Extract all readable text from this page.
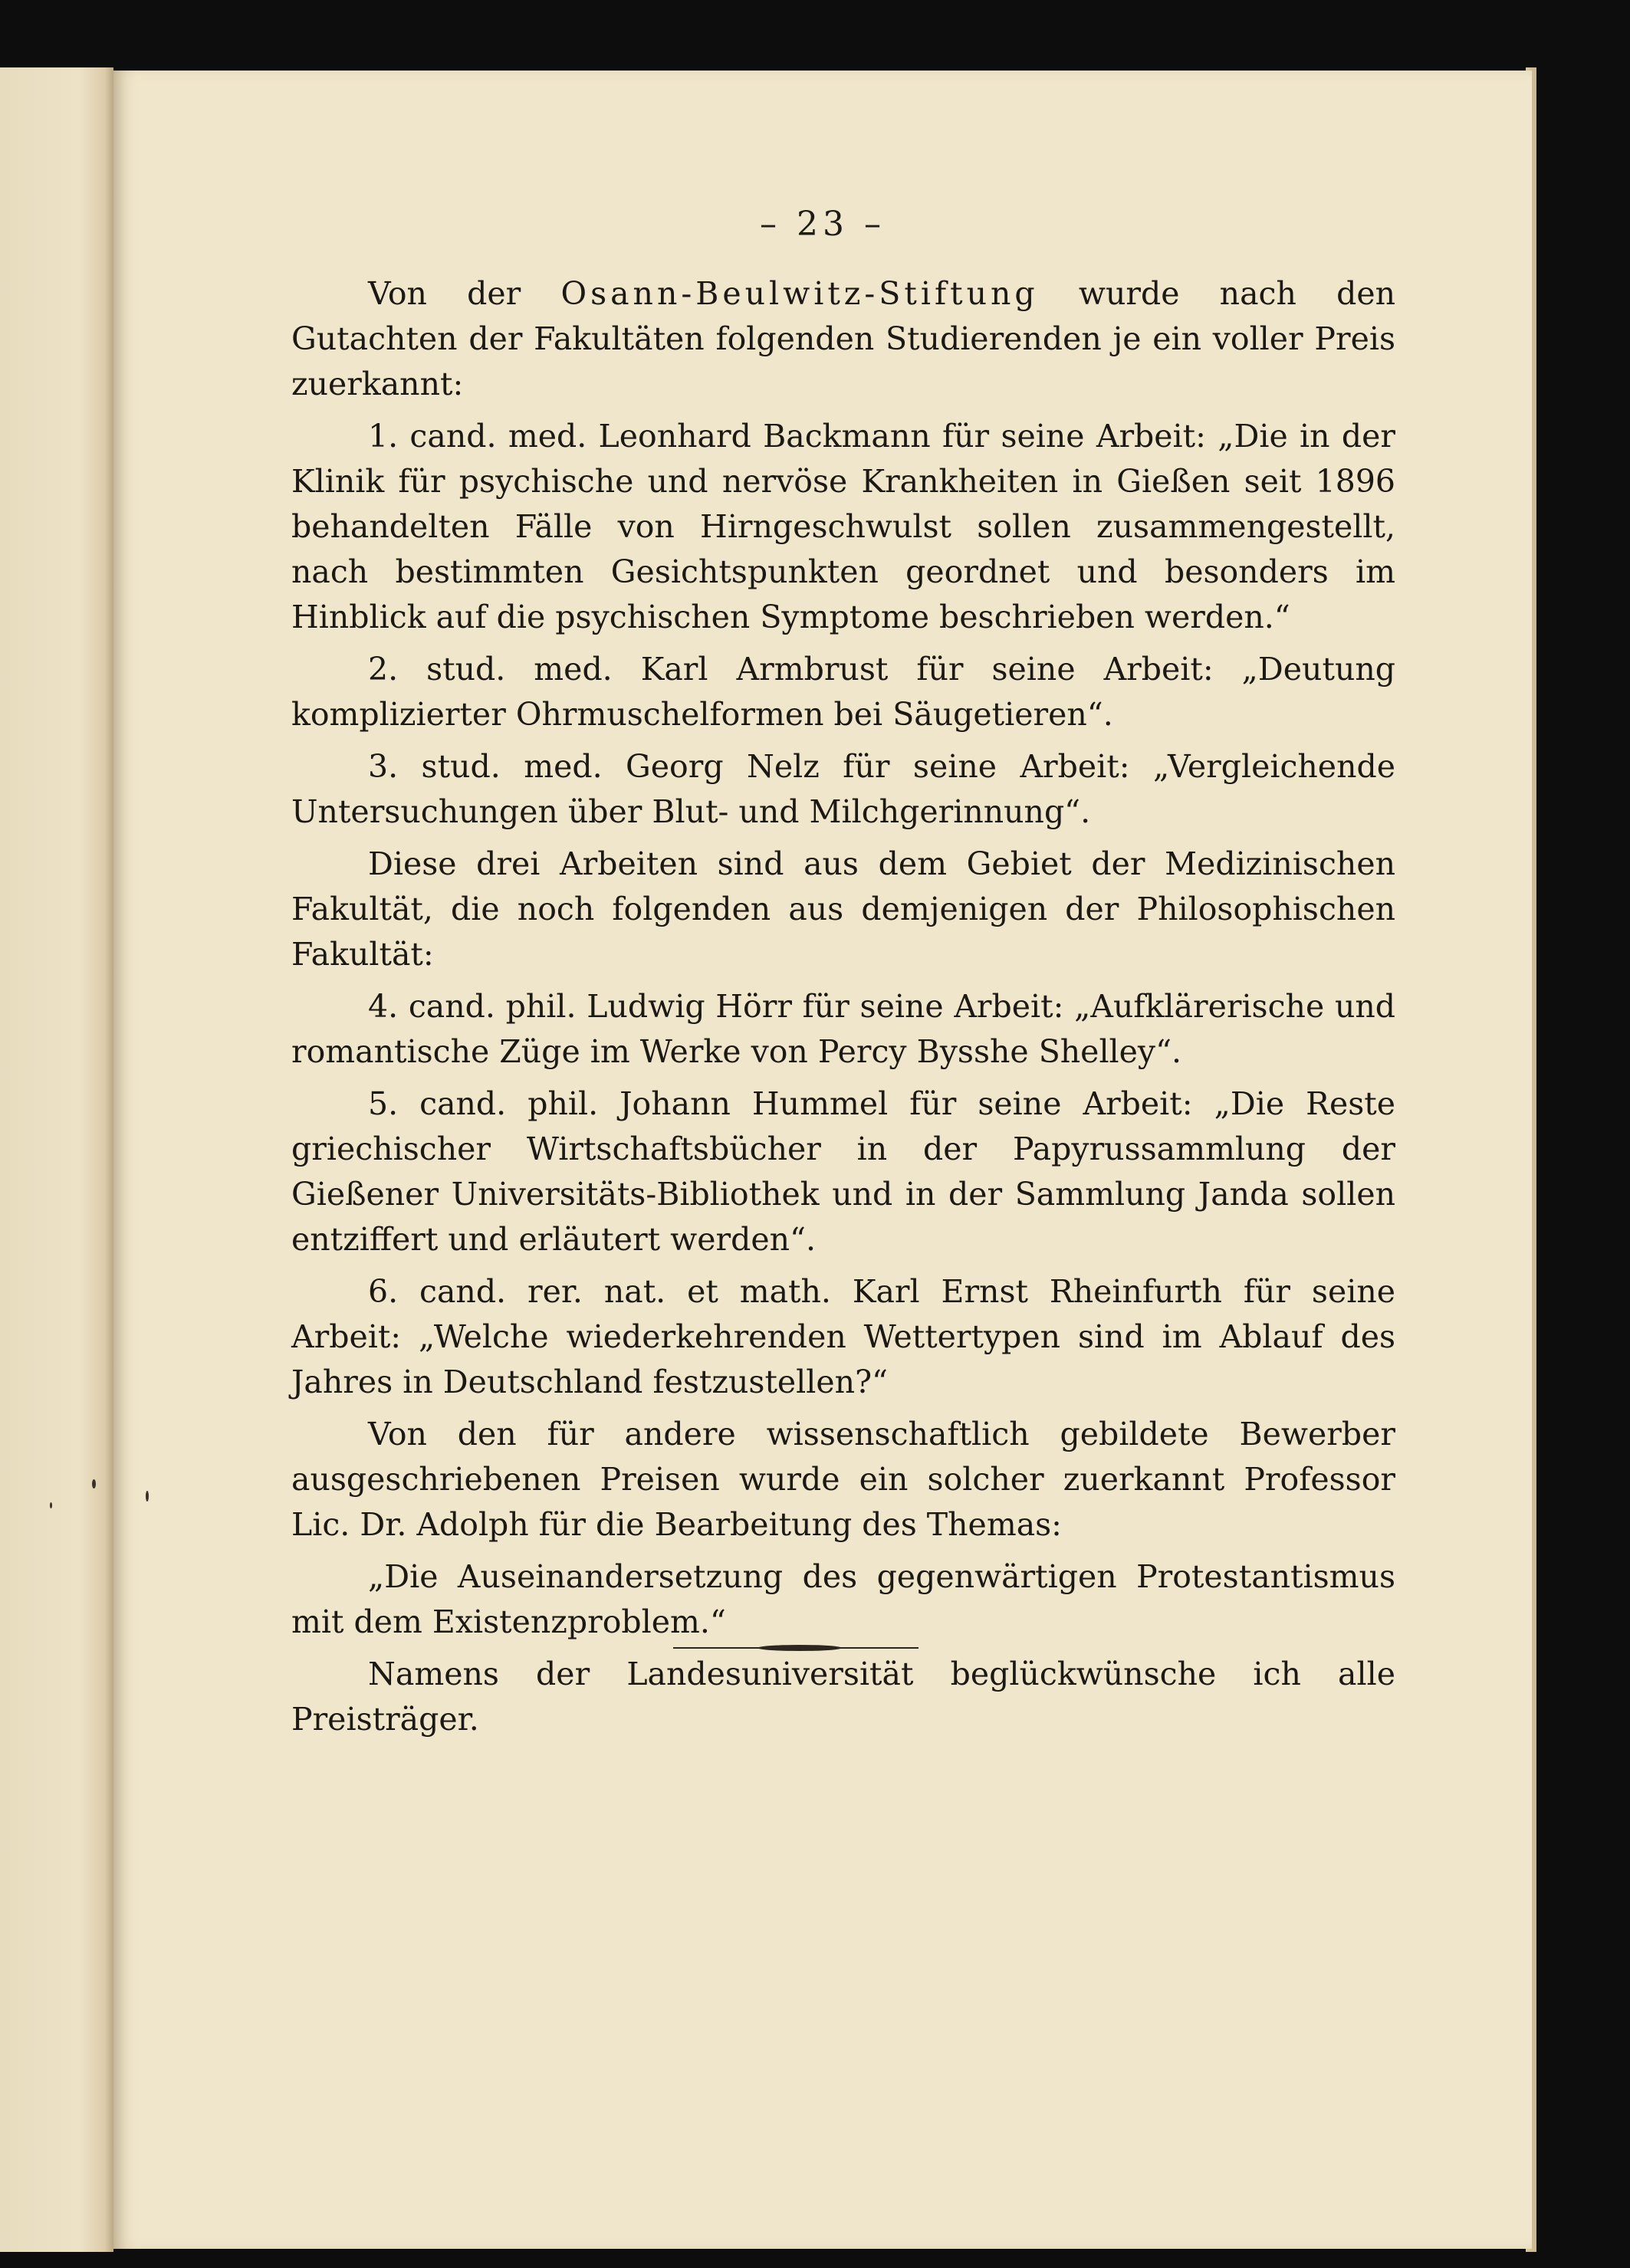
– 23 –

Von der Osann-Beulwitz-Stiftung wurde nach den Gutachten der Fakultäten folgenden Studierenden je ein voller Preis zuerkannt:

1. cand. med. Leonhard Backmann für seine Arbeit: „Die in der Klinik für psychische und nervöse Krankheiten in Gießen seit 1896 behandelten Fälle von Hirngeschwulst sollen zusammengestellt, nach bestimmten Gesichtspunkten geordnet und besonders im Hinblick auf die psychischen Symptome beschrieben werden.“

2. stud. med. Karl Armbrust für seine Arbeit: „Deutung komplizierter Ohrmuschelformen bei Säugetieren“.

3. stud. med. Georg Nelz für seine Arbeit: „Vergleichende Untersuchungen über Blut- und Milchgerinnung“.

Diese drei Arbeiten sind aus dem Gebiet der Medizinischen Fakultät, die noch folgenden aus demjenigen der Philosophischen Fakultät:

4. cand. phil. Ludwig Hörr für seine Arbeit: „Aufklärerische und romantische Züge im Werke von Percy Bysshe Shelley“.

5. cand. phil. Johann Hummel für seine Arbeit: „Die Reste griechischer Wirtschaftsbücher in der Papyrussammlung der Gießener Universitäts-Bibliothek und in der Sammlung Janda sollen entziffert und erläutert werden“.

6. cand. rer. nat. et math. Karl Ernst Rheinfurth für seine Arbeit: „Welche wiederkehrenden Wettertypen sind im Ablauf des Jahres in Deutschland festzustellen?“

Von den für andere wissenschaftlich gebildete Bewerber ausgeschriebenen Preisen wurde ein solcher zuerkannt Professor Lic. Dr. Adolph für die Bearbeitung des Themas:

„Die Auseinandersetzung des gegenwärtigen Protestantismus mit dem Existenzproblem.“

Namens der Landesuniversität beglückwünsche ich alle Preisträger.
